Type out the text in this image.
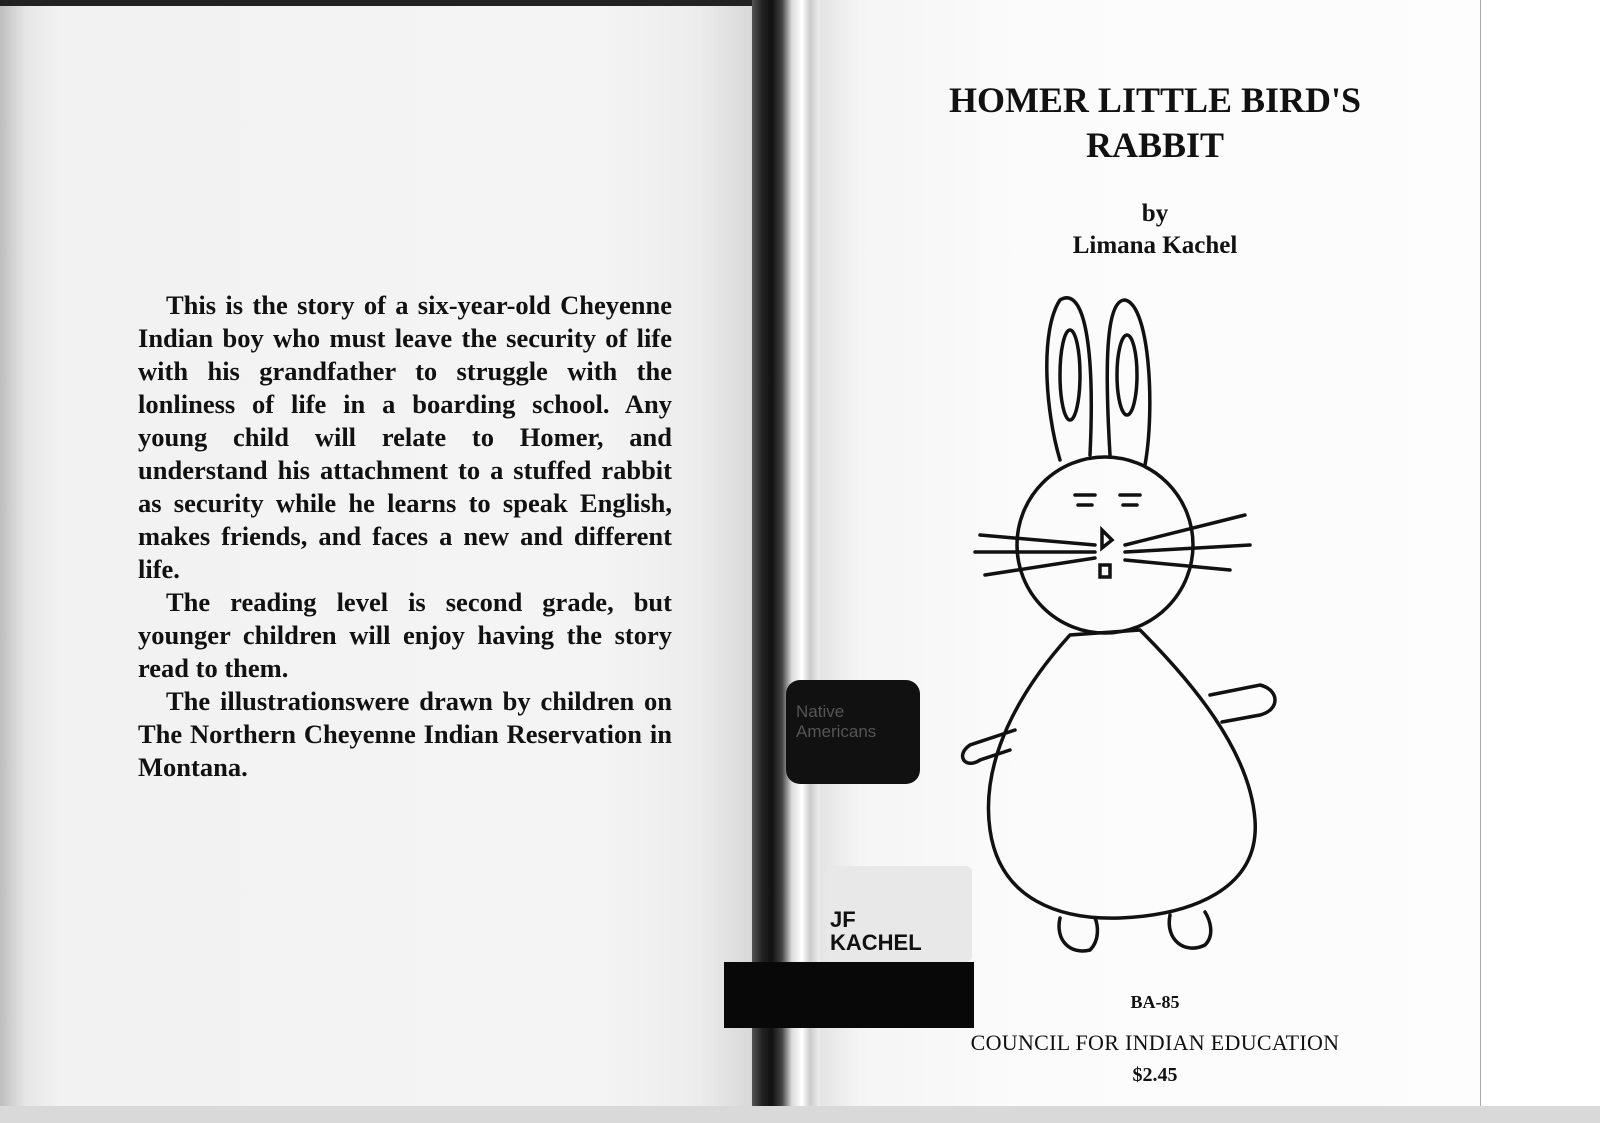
This is the story of a six-year-old Cheyenne Indian boy who must leave the security of life with his grandfather to struggle with the lonliness of life in a boarding school. Any young child will relate to Homer, and understand his attachment to a stuffed rabbit as security while he learns to speak English, makes friends, and faces a new and different life.

The reading level is second grade, but younger children will enjoy having the story read to them.

The illustrationswere drawn by children on The Northern Cheyenne Indian Reservation in Montana.

Native Americans
JF
KACHEL
HOMER LITTLE BIRD'S
RABBIT
by
Limana Kachel
BA-85
COUNCIL FOR INDIAN EDUCATION
$2.45
